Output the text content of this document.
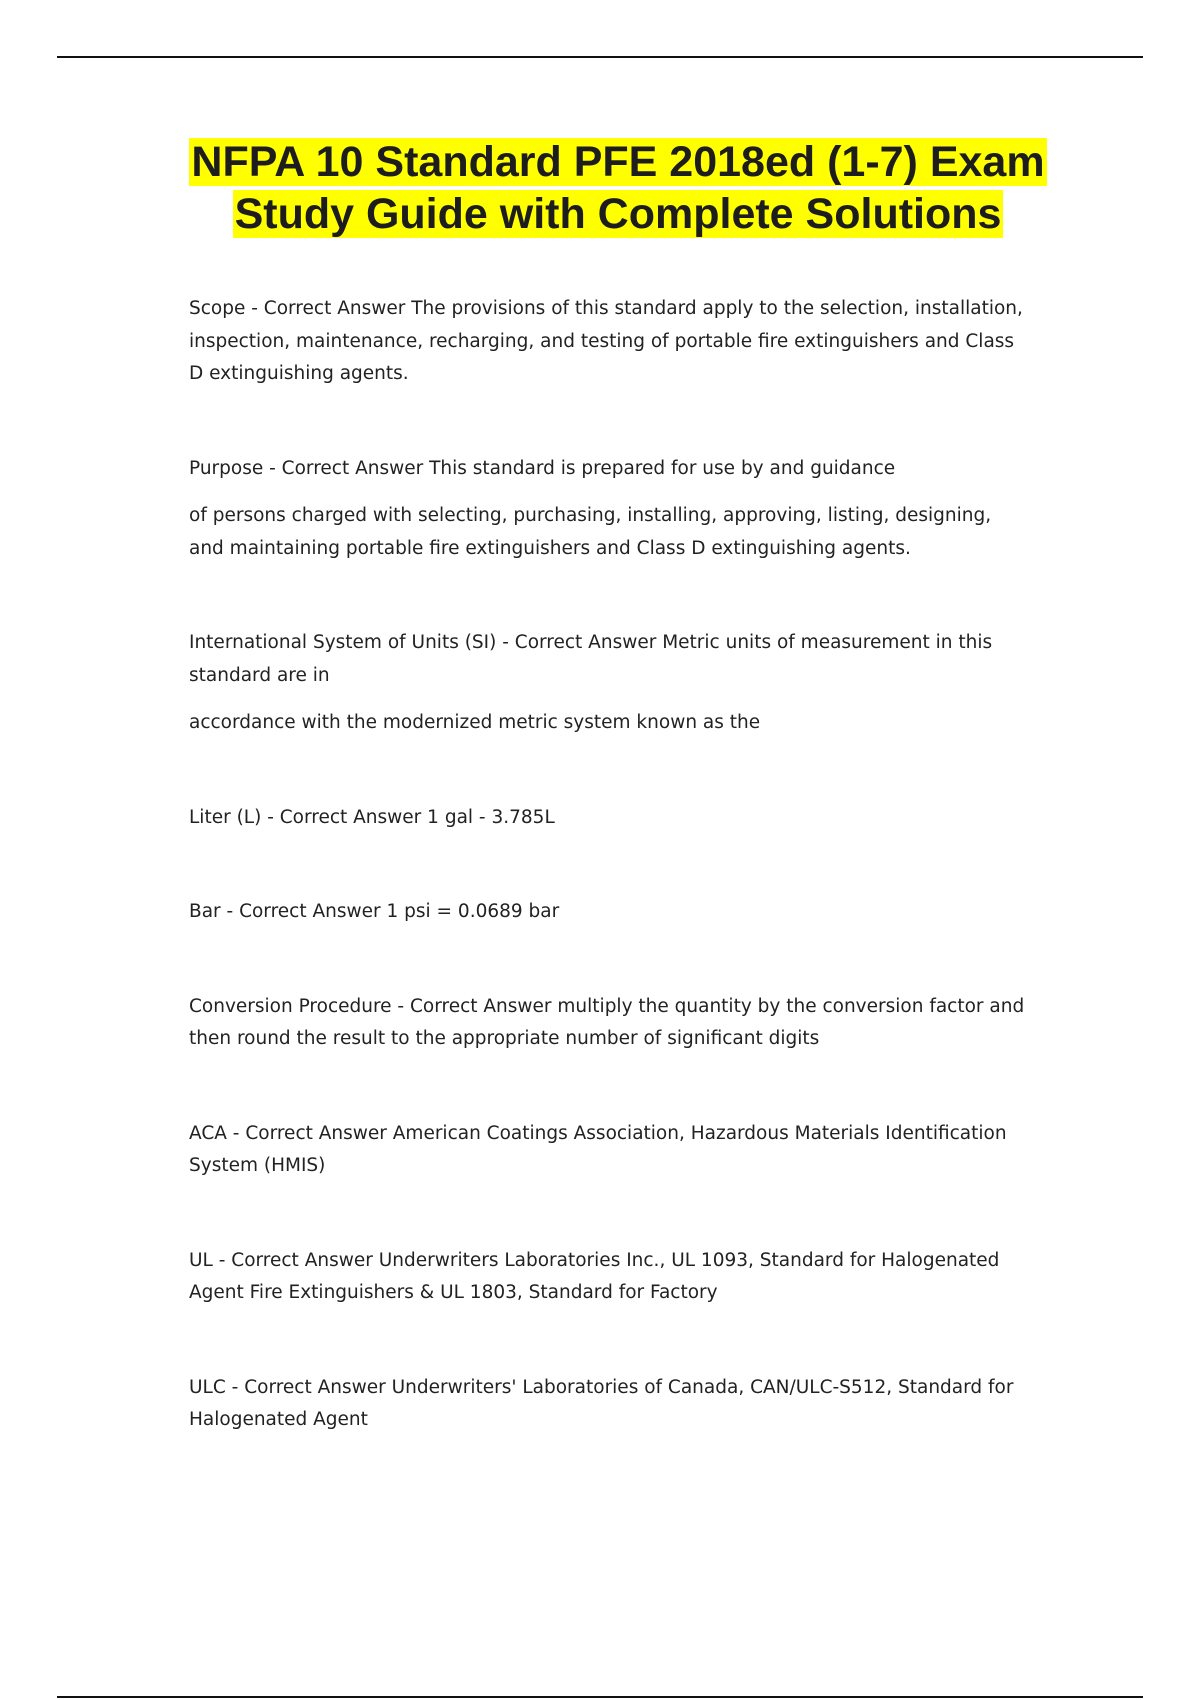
NFPA 10 Standard PFE 2018ed (1-7) Exam Study Guide with Complete Solutions

Scope - Correct Answer The provisions of this standard apply to the selection, installation, inspection, maintenance, recharging, and testing of portable fire extinguishers and Class D extinguishing agents.

Purpose - Correct Answer This standard is prepared for use by and guidance

of persons charged with selecting, purchasing, installing, approving, listing, designing, and maintaining portable fire extinguishers and Class D extinguishing agents.

International System of Units (SI) - Correct Answer Metric units of measurement in this standard are in

accordance with the modernized metric system known as the

Liter (L) - Correct Answer 1 gal - 3.785L

Bar - Correct Answer 1 psi = 0.0689 bar

Conversion Procedure - Correct Answer multiply the quantity by the conversion factor and then round the result to the appropriate number of significant digits

ACA - Correct Answer American Coatings Association, Hazardous Materials Identification System (HMIS)

UL - Correct Answer Underwriters Laboratories Inc., UL 1093, Standard for Halogenated Agent Fire Extinguishers & UL 1803, Standard for Factory

ULC - Correct Answer Underwriters' Laboratories of Canada, CAN/ULC-S512, Standard for Halogenated Agent
